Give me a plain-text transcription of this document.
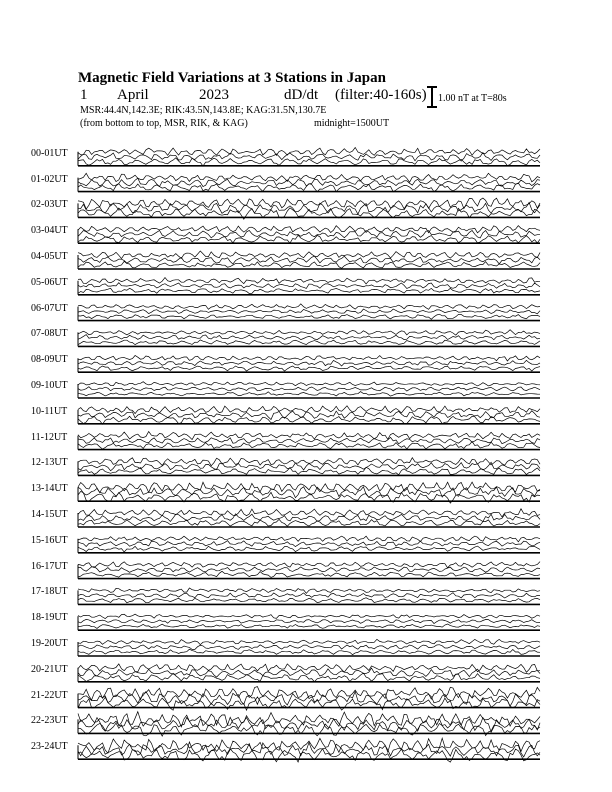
Magnetic Field Variations at 3 Stations in Japan
1 April	2023	dD/dt (filter:40-160s)
MSR:44.4N,142.3E; RIK:43.5N,143.8E; KAG:31.5N,130.7E
(from bottom to top, MSR, RIK, & KAG)	midnight=1500UT
1.00 nT at T=80s
00-01UT
01-02UT
02-03UT
03-04UT
04-05UT
05-06UT
06-07UT
07-08UT
08-09UT
09-10UT
10-11UT
11-12UT
12-13UT
13-14UT
14-15UT
15-16UT
16-17UT
17-18UT
18-19UT
19-20UT
20-21UT
21-22UT
22-23UT
23-24UT
